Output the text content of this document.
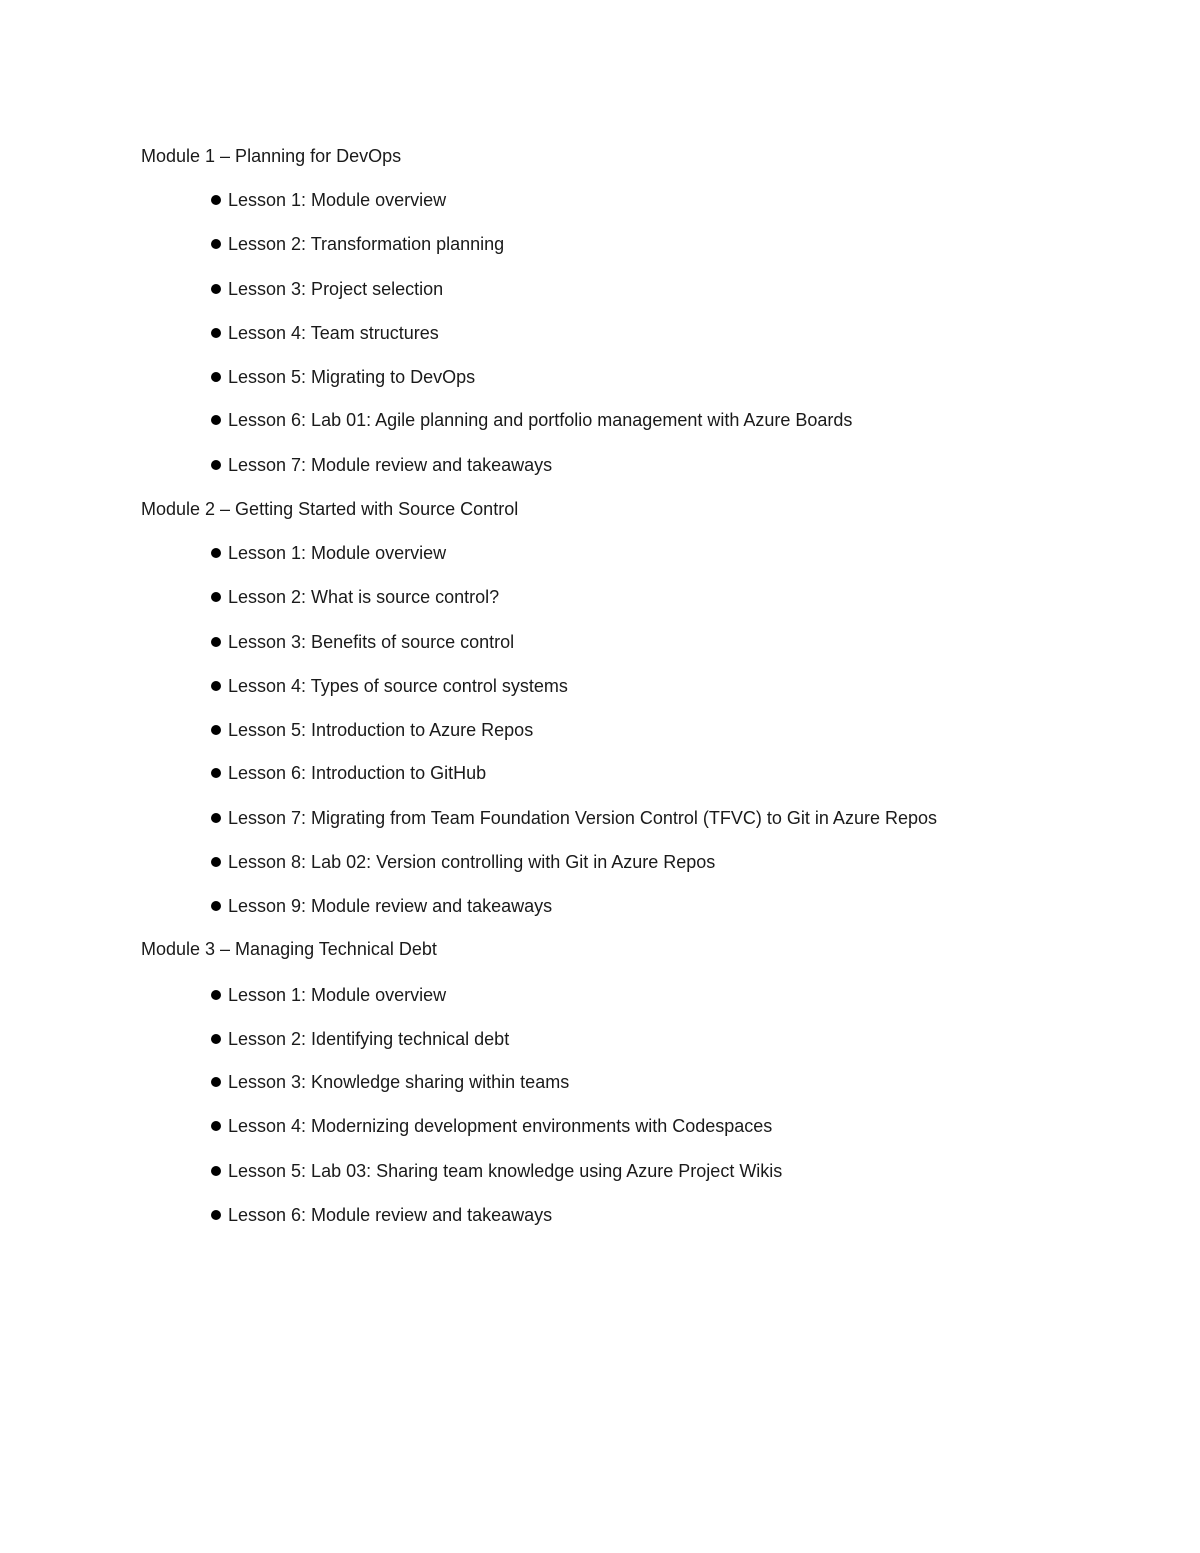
Module 1 – Planning for DevOps
Lesson 1: Module overview
Lesson 2: Transformation planning
Lesson 3: Project selection
Lesson 4: Team structures
Lesson 5: Migrating to DevOps
Lesson 6: Lab 01: Agile planning and portfolio management with Azure Boards
Lesson 7: Module review and takeaways
Module 2 – Getting Started with Source Control
Lesson 1: Module overview
Lesson 2: What is source control?
Lesson 3: Benefits of source control
Lesson 4: Types of source control systems
Lesson 5: Introduction to Azure Repos
Lesson 6: Introduction to GitHub
Lesson 7: Migrating from Team Foundation Version Control (TFVC) to Git in Azure Repos
Lesson 8: Lab 02: Version controlling with Git in Azure Repos
Lesson 9: Module review and takeaways
Module 3 – Managing Technical Debt
Lesson 1: Module overview
Lesson 2: Identifying technical debt
Lesson 3: Knowledge sharing within teams
Lesson 4: Modernizing development environments with Codespaces
Lesson 5: Lab 03: Sharing team knowledge using Azure Project Wikis
Lesson 6: Module review and takeaways
